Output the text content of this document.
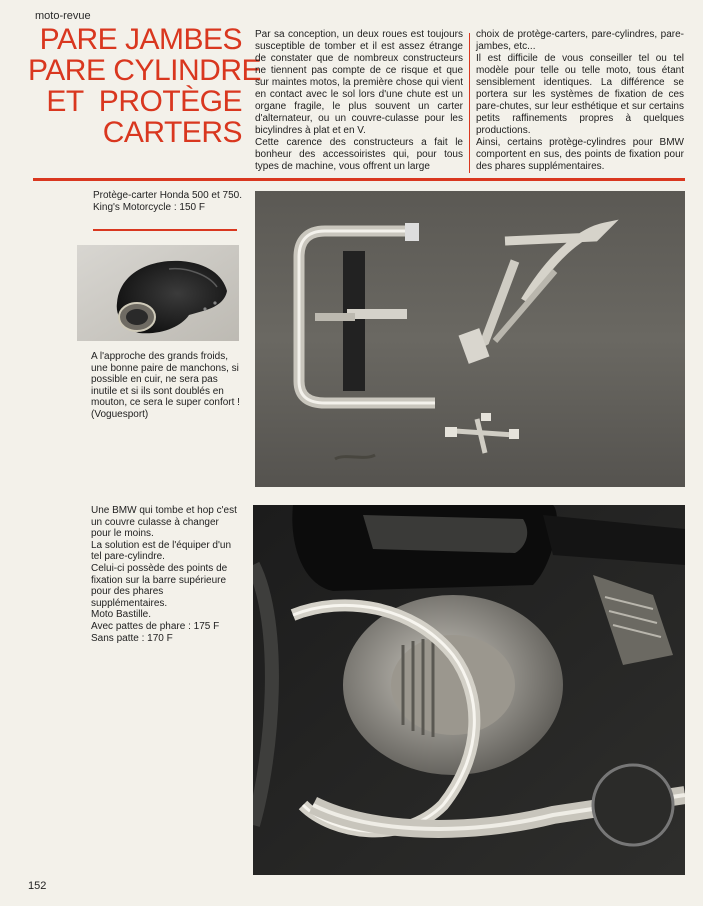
moto-revue
PARE JAMBES
PARE CYLINDRE
ET  PROTÈGE
CARTERS

Par sa conception, un deux roues est toujours susceptible de tomber et il est assez étrange de constater que de nombreux constructeurs ne tiennent pas compte de ce risque et que sur maintes motos, la première chose qui vient en contact avec le sol lors d'une chute est un organe fragile, le plus souvent un carter d'alternateur, ou un couvre-culasse pour les bicylindres à plat et en V.

Cette carence des constructeurs a fait le bonheur des accessoiristes qui, pour tous types de machine, vous offrent un large

choix de protège-carters, pare-cylindres, pare-jambes, etc...

Il est difficile de vous conseiller tel ou tel modèle pour telle ou telle moto, tous étant sensiblement identiques. La différence se portera sur les systèmes de fixation de ces pare-chutes, sur leur esthétique et sur certains petits raffinements propres à quelques productions.

Ainsi, certains protège-cylindres pour BMW comportent en sus, des points de fixation pour des phares supplémentaires.

Protège-carter Honda 500 et 750.

King's Motorcycle : 150 F

A l'approche des grands froids, une bonne paire de manchons, si possible en cuir, ne sera pas inutile et si ils sont doublés en mouton, ce sera le super confort !

(Voguesport)

Une BMW qui tombe et hop c'est un couvre culasse à changer pour le moins.

La solution est de l'équiper d'un tel pare-cylindre.

Celui-ci possède des points de fixation sur la barre supérieure pour des phares supplémentaires.

Moto Bastille.

Avec pattes de phare : 175 F

Sans patte : 170 F

152
